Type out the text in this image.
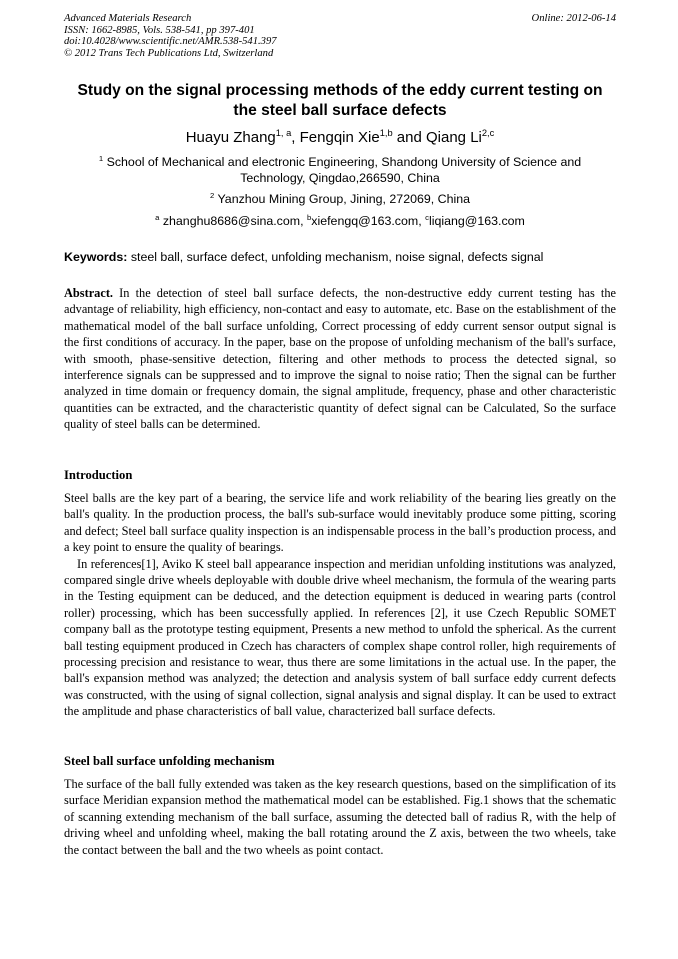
Advanced Materials Research
ISSN: 1662-8985, Vols. 538-541, pp 397-401
doi:10.4028/www.scientific.net/AMR.538-541.397
© 2012 Trans Tech Publications Ltd, Switzerland
Online: 2012-06-14
Study on the signal processing methods of the eddy current testing on the steel ball surface defects
Huayu Zhang$^{1, a}$, Fengqin Xie$^{1,b}$ and Qiang Li$^{2,c}$
$^1$ School of Mechanical and electronic Engineering, Shandong University of Science and Technology, Qingdao,266590, China
$^2$ Yanzhou Mining Group, Jining, 272069, China
$^a$ zhanghu8686@sina.com, $^b$xiefengq@163.com, $^c$liqiang@163.com
Keywords: steel ball, surface defect, unfolding mechanism, noise signal, defects signal
Abstract. In the detection of steel ball surface defects, the non-destructive eddy current testing has the advantage of reliability, high efficiency, non-contact and easy to automate, etc. Base on the establishment of the mathematical model of the ball surface unfolding, Correct processing of eddy current sensor output signal is the first conditions of accuracy. In the paper, base on the propose of unfolding mechanism of the ball's surface, with smooth, phase-sensitive detection, filtering and other methods to process the detected signal, so interference signals can be suppressed and to improve the signal to noise ratio; Then the signal can be further analyzed in time domain or frequency domain, the signal amplitude, frequency, phase and other characteristic quantities can be extracted, and the characteristic quantity of defect signal can be Calculated, So the surface quality of steel balls can be determined.
Introduction

Steel balls are the key part of a bearing, the service life and work reliability of the bearing lies greatly on the ball's quality. In the production process, the ball's sub-surface would inevitably produce some pitting, scoring and defect; Steel ball surface quality inspection is an indispensable process in the ball’s production process, and a key point to ensure the quality of bearings.

In references[1], Aviko K steel ball appearance inspection and meridian unfolding institutions was analyzed, compared single drive wheels deployable with double drive wheel mechanism, the formula of the wearing parts in the Testing equipment can be deduced, and the detection equipment is deduced in wearing parts (control roller) processing, which has been successfully applied. In references [2], it use Czech Republic SOMET company ball as the prototype testing equipment, Presents a new method to unfold the spherical. As the current ball testing equipment produced in Czech has characters of complex shape control roller, high requirements of processing precision and resistance to wear, thus there are some limitations in the actual use. In the paper, the ball's expansion method was analyzed; the detection and analysis system of ball surface eddy current defects was constructed, with the using of signal collection, signal analysis and signal display. It can be used to extract the amplitude and phase characteristics of ball value, characterized ball surface defects.

Steel ball surface unfolding mechanism

The surface of the ball fully extended was taken as the key research questions, based on the simplification of its surface Meridian expansion method the mathematical model can be established. Fig.1 shows that the schematic of scanning extending mechanism of the ball surface, assuming the detected ball of radius R, with the help of driving wheel and unfolding wheel, making the ball rotating around the Z axis, between the two wheels, take the contact between the ball and the two wheels as point contact.
